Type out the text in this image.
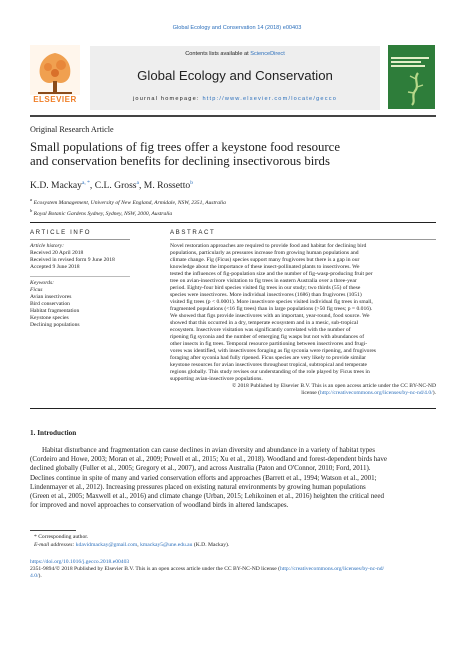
Global Ecology and Conservation 14 (2018) e00403
ELSEVIER
Contents lists available at ScienceDirect
Global Ecology and Conservation
journal homepage: http://www.elsevier.com/locate/gecco
Original Research Article
Small populations of fig trees offer a keystone food resource
and conservation benefits for declining insectivorous birds
K.D. Mackay$^{a, *}$, C.L. Gross$^a$, M. Rossetto$^b$
$^a$ Ecosystem Management, University of New England, Armidale, NSW, 2351, Australia
$^b$ Royal Botanic Gardens Sydney, Sydney, NSW, 2000, Australia
ARTICLE INFO
Article history:
Received 20 April 2018
Received in revised form 9 June 2018
Accepted 9 June 2018
Keywords:
Ficus
Avian insectivores
Bird conservation
Habitat fragmentation
Keystone species
Declining populations
ABSTRACT
Novel restoration approaches are required to provide food and habitat for declining bird
populations, particularly as pressures increase from growing human populations and
climate change. Fig (Ficus) species support many frugivores but there is a gap in our
knowledge about the importance of these insect-pollinated plants to insectivores. We
tested the influences of fig-population size and the number of fig-wasp-producing fruit per
tree on avian-insectivore visitation to fig trees in eastern Australia over a three-year
period. Eighty-four bird species visited fig trees in our study; two thirds (55) of these
species were insectivores. More individual insectivores (1686) than frugivores (1051)
visited fig trees (p < 0.0001). More insectivore species visited individual fig trees in small,
fragmented populations (<16 fig trees) than in large populations (>50 fig trees; p = 0.016).
We showed that figs provide insectivores with an important, year-round, food source. We
showed that this occurred in a dry, temperate ecosystem and in a mesic, sub-tropical
ecosystem. Insectivore visitation was significantly correlated with the number of
ripening fig syconia and the number of emerging fig wasps but not with abundances of
other insects in fig trees. Temporal resource partitioning between insectivores and frugi-
vores was identified, with insectivores foraging as fig syconia were ripening, and frugivores
foraging after syconia had fully ripened. Ficus species are very likely to provide similar
keystone resources for avian insectivores throughout tropical, subtropical and temperate
regions globally. This study revises our understanding of the role played by Ficus trees in
supporting avian-insectivore populations.
© 2018 Published by Elsevier B.V. This is an open access article under the CC BY-NC-ND
license (http://creativecommons.org/licenses/by-nc-nd/4.0/).
1. Introduction
Habitat disturbance and fragmentation can cause declines in avian diversity and abundance in a variety of habitat types
(Cordeiro and Howe, 2003; Moran et al., 2009; Powell et al., 2015; Xu et al., 2018). Woodland and forest-dependent birds have
declined globally (Fuller et al., 2005; Gregory et al., 2007), and across Australia (Paton and O'Connor, 2010; Ford, 2011).
Declines continue in spite of many and varied conservation efforts and approaches (Barrett et al., 1994; Watson et al., 2001;
Lindenmayer et al., 2012). Increasing pressures placed on existing natural environments by growing human populations
(Green et al., 2005; Maxwell et al., 2016) and climate change (Urban, 2015; Lehikoinen et al., 2016) heighten the critical need
for improved and novel approaches to conservation of woodland birds in altered landscapes.
* Corresponding author.
E-mail addresses: kdavidmackay@gmail.com, kmackay5@une.edu.au (K.D. Mackay).
https://doi.org/10.1016/j.gecco.2018.e00403
2351-9894/© 2018 Published by Elsevier B.V. This is an open access article under the CC BY-NC-ND license (http://creativecommons.org/licenses/by-nc-nd/
4.0/).
